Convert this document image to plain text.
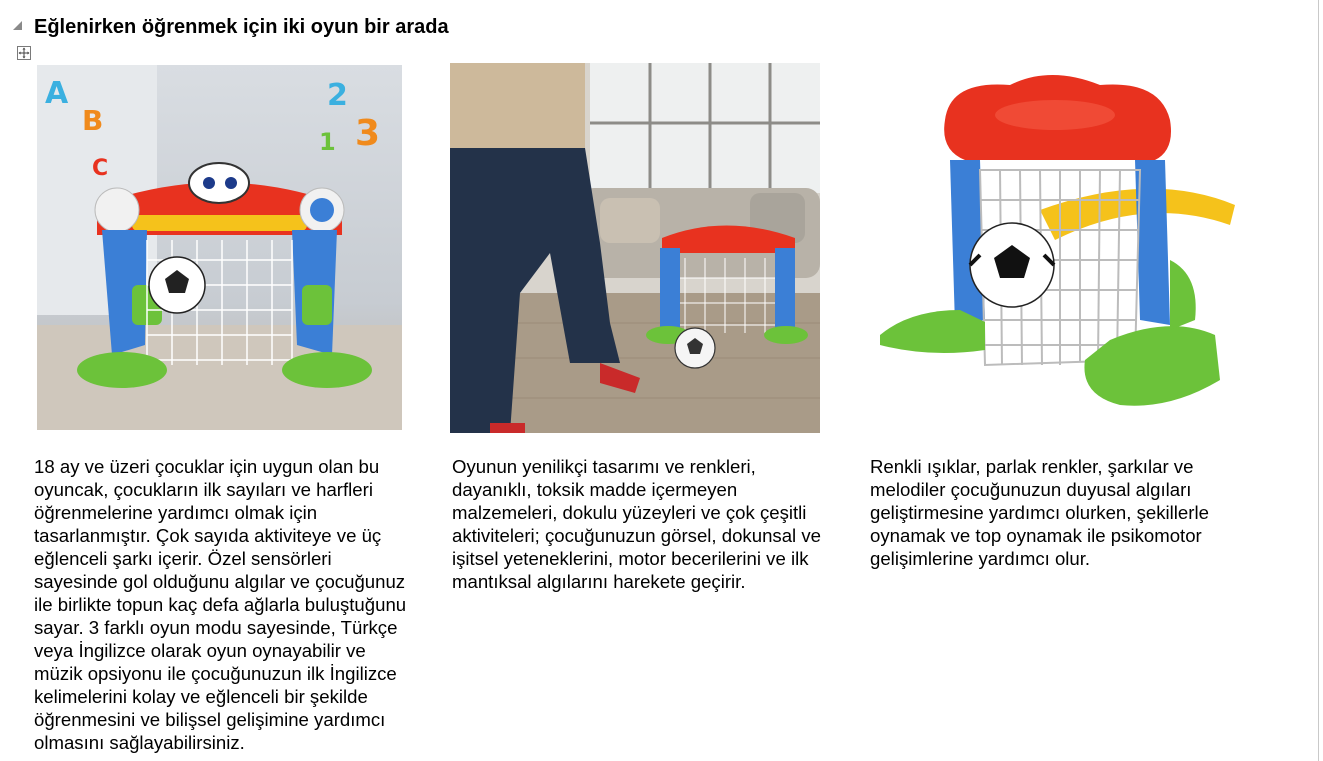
Eğlenirken öğrenmek için iki oyun bir arada
A
B
C
2
3
1

18 ay ve üzeri çocuklar için uygun olan bu
oyuncak, çocukların ilk sayıları ve harfleri
öğrenmelerine yardımcı olmak için
tasarlanmıştır. Çok sayıda aktiviteye ve üç
eğlenceli şarkı içerir. Özel sensörleri
sayesinde gol olduğunu algılar ve çocuğunuz
ile birlikte topun kaç defa ağlarla buluştuğunu
sayar. 3 farklı oyun modu sayesinde, Türkçe
veya İngilizce olarak oyun oynayabilir ve
müzik opsiyonu ile çocuğunuzun ilk İngilizce
kelimelerini kolay ve eğlenceli bir şekilde
öğrenmesini ve bilişsel gelişimine yardımcı
olmasını sağlayabilirsiniz.

Oyunun yenilikçi tasarımı ve renkleri,
dayanıklı, toksik madde içermeyen
malzemeleri, dokulu yüzeyleri ve çok çeşitli
aktiviteleri; çocuğunuzun görsel, dokunsal ve
işitsel yeteneklerini, motor becerilerini ve ilk
mantıksal algılarını harekete geçirir.

Renkli ışıklar, parlak renkler, şarkılar ve
melodiler çocuğunuzun duyusal algıları
geliştirmesine yardımcı olurken, şekillerle
oynamak ve top oynamak ile psikomotor
gelişimlerine yardımcı olur.
